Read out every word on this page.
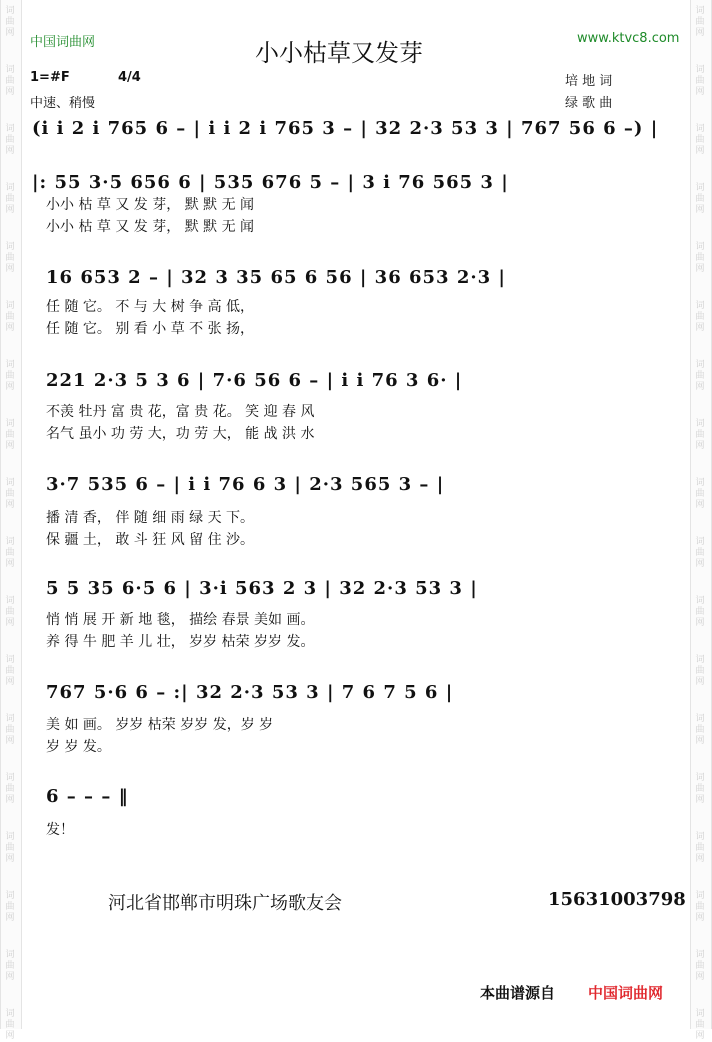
词
曲
网
词
曲
网
词
曲
网
词
曲
网
词
曲
网
词
曲
网
词
曲
网
词
曲
网
词
曲
网
词
曲
网
词
曲
网
词
曲
网
词
曲
网
词
曲
网
词
曲
网
词
曲
网
词
曲
网
词
曲
网
词
曲
网
词
曲
网
词
曲
网
词
曲
网
词
曲
网
词
曲
网
词
曲
网
词
曲
网
词
曲
网
词
曲
网
词
曲
网
词
曲
网
词
曲
网
词
曲
网
词
曲
网
词
曲
网
词
曲
网
词
曲
网
中国词曲网	小小枯草又发芽
www.ktvc8.com
1=#F	4/4
中速、稍慢
培 地 词
绿 歌 曲
(i i 2 i 765 6 – | i i 2 i 765 3 – | 32 2·3 53 3 | 767 56 6 –) |
|: 55 3·5 656 6 | 535 676 5 – | 3 i 76 565 3 |
小小 枯 草 又 发 芽， 默 默 无 闻
小小 枯 草 又 发 芽， 默 默 无 闻
16 653 2 – | 32 3 35 65 6 56 | 36 653 2·3 |
任 随 它。 不 与 大 树 争 高 低，
任 随 它。 别 看 小 草 不 张 扬，
221 2·3 5 3 6 | 7·6 56 6 – | i i 76 3 6· |
不羡 牡丹 富 贵 花，富 贵 花。 笑 迎 春 风
名气 虽小 功 劳 大，功 劳 大， 能 战 洪 水
3·7 535 6 – | i i 76 6 3 | 2·3 565 3 – |
播 清 香， 伴 随 细 雨 绿 天 下。
保 疆 土， 敢 斗 狂 风 留 住 沙。
5 5 35 6·5 6 | 3·i 563 2 3 | 32 2·3 53 3 |
悄 悄 展 开 新 地 毯， 描绘 春景 美如 画。
养 得 牛 肥 羊 儿 壮， 岁岁 枯荣 岁岁 发。
767 5·6 6 – :| 32 2·3 53 3 | 7 6 7 5 6 |
美 如 画。 岁岁 枯荣 岁岁 发，岁 岁
岁 岁 发。
6 – – – ‖
发！
河北省邯郸市明珠广场歌友会	15631003798
本曲谱源自 中国词曲网
